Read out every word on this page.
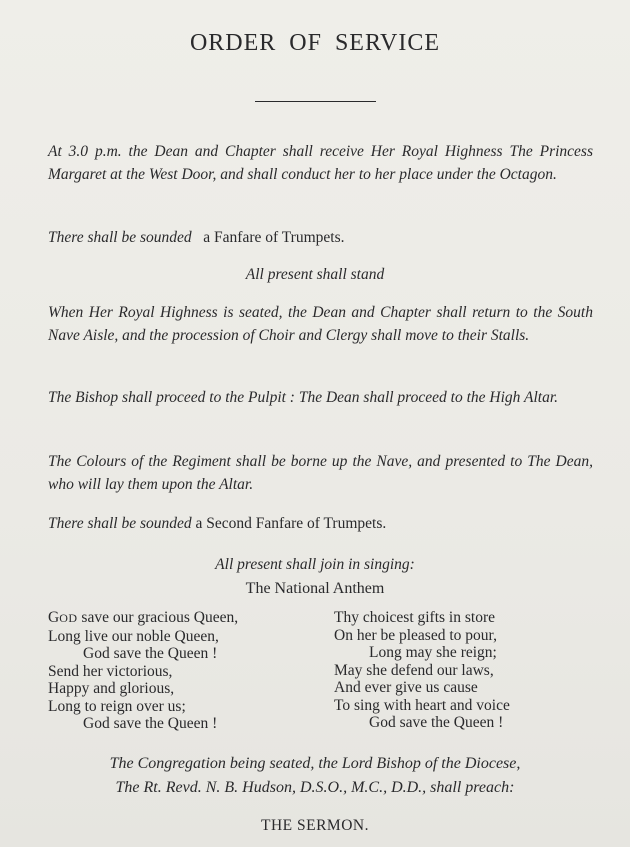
ORDER OF SERVICE
At 3.0 p.m. the Dean and Chapter shall receive Her Royal Highness The Princess Margaret at the West Door, and shall conduct her to her place under the Octagon.
There shall be sounded a Fanfare of Trumpets.
All present shall stand
When Her Royal Highness is seated, the Dean and Chapter shall return to the South Nave Aisle, and the procession of Choir and Clergy shall move to their Stalls.
The Bishop shall proceed to the Pulpit : The Dean shall proceed to the High Altar.
The Colours of the Regiment shall be borne up the Nave, and presented to The Dean, who will lay them upon the Altar.
There shall be sounded a Second Fanfare of Trumpets.
All present shall join in singing:
The National Anthem
GOD save our gracious Queen,
Long live our noble Queen,
God save the Queen !
Send her victorious,
Happy and glorious,
Long to reign over us;
God save the Queen !
Thy choicest gifts in store
On her be pleased to pour,
Long may she reign;
May she defend our laws,
And ever give us cause
To sing with heart and voice
God save the Queen !
The Congregation being seated, the Lord Bishop of the Diocese,
The Rt. Revd. N. B. Hudson, D.S.O., M.C., D.D., shall preach:
THE SERMON.
